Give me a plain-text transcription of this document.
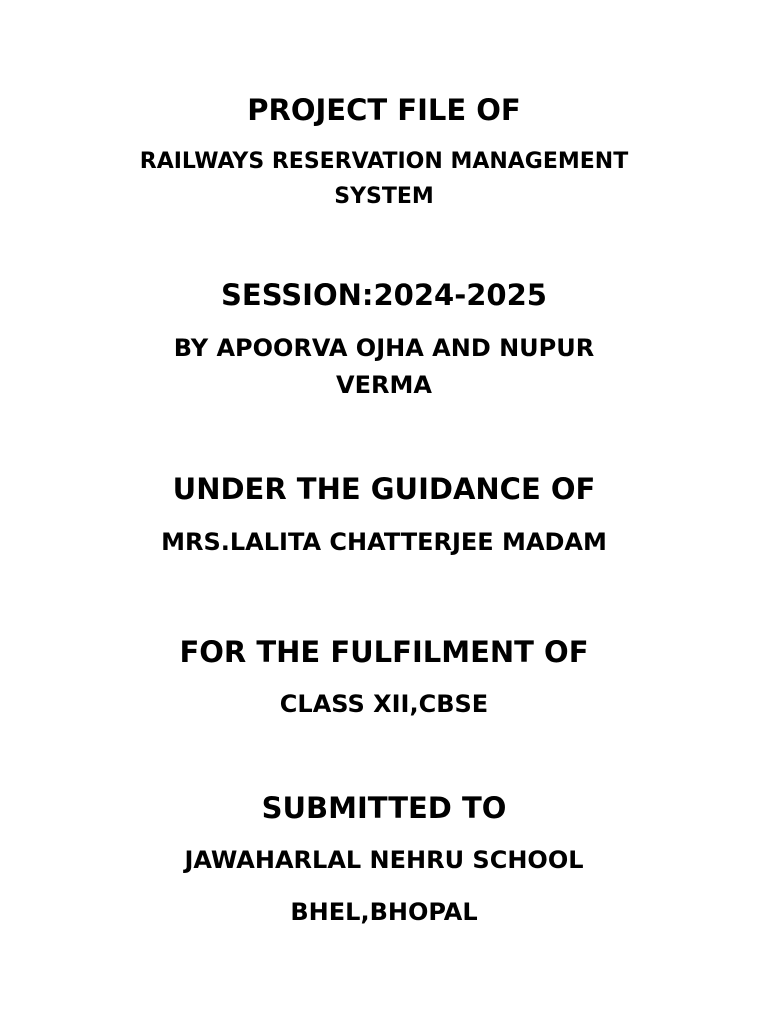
PROJECT FILE OF
RAILWAYS RESERVATION MANAGEMENT
SYSTEM
SESSION:2024-2025
BY APOORVA OJHA AND NUPUR
VERMA
UNDER THE GUIDANCE OF
MRS.LALITA CHATTERJEE MADAM
FOR THE FULFILMENT OF
CLASS XII,CBSE
SUBMITTED TO
JAWAHARLAL NEHRU SCHOOL
BHEL,BHOPAL
